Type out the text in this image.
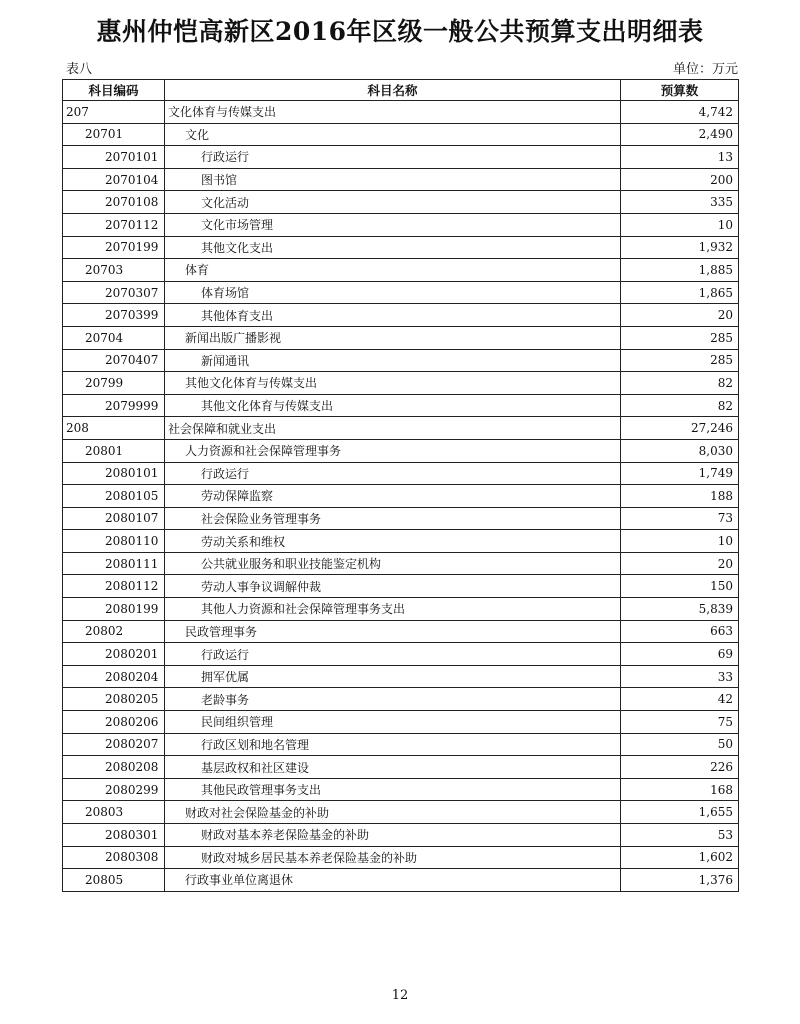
惠州仲恺高新区2016年区级一般公共预算支出明细表
表八	单位：万元
科目编码	科目名称	预算数
207	文化体育与传媒支出	4,742
20701	文化	2,490
2070101	行政运行	13
2070104	图书馆	200
2070108	文化活动	335
2070112	文化市场管理	10
2070199	其他文化支出	1,932
20703	体育	1,885
2070307	体育场馆	1,865
2070399	其他体育支出	20
20704	新闻出版广播影视	285
2070407	新闻通讯	285
20799	其他文化体育与传媒支出	82
2079999	其他文化体育与传媒支出	82
208	社会保障和就业支出	27,246
20801	人力资源和社会保障管理事务	8,030
2080101	行政运行	1,749
2080105	劳动保障监察	188
2080107	社会保险业务管理事务	73
2080110	劳动关系和维权	10
2080111	公共就业服务和职业技能鉴定机构	20
2080112	劳动人事争议调解仲裁	150
2080199	其他人力资源和社会保障管理事务支出	5,839
20802	民政管理事务	663
2080201	行政运行	69
2080204	拥军优属	33
2080205	老龄事务	42
2080206	民间组织管理	75
2080207	行政区划和地名管理	50
2080208	基层政权和社区建设	226
2080299	其他民政管理事务支出	168
20803	财政对社会保险基金的补助	1,655
2080301	财政对基本养老保险基金的补助	53
2080308	财政对城乡居民基本养老保险基金的补助	1,602
20805	行政事业单位离退休	1,376
12
